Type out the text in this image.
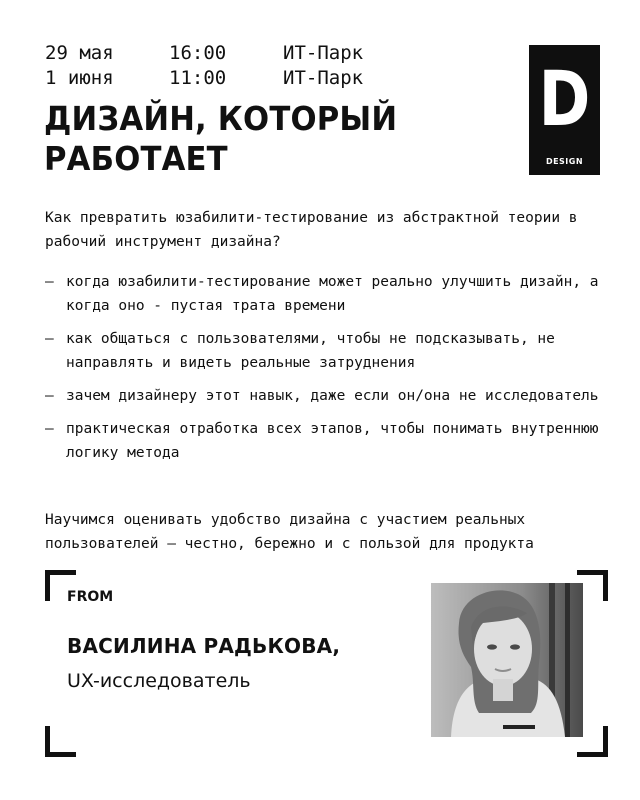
29 мая	16:00	ИТ-Парк
1 июня	11:00	ИТ-Парк D
DESIGN
ДИЗАЙН, КОТОРЫЙ
РАБОТАЕТ
Как превратить юзабилити-тестирование из абстрактной теории в рабочий инструмент дизайна?
– когда юзабилити-тестирование может реально улучшить дизайн, а когда оно - пустая трата времени
– как общаться с пользователями, чтобы не подсказывать, не направлять и видеть реальные затруднения
– зачем дизайнеру этот навык, даже если он/она не исследователь
– практическая отработка всех этапов, чтобы понимать внутреннюю логику метода
Научимся оценивать удобство дизайна с участием реальных пользователей – честно, бережно и с пользой для продукта
FROM
ВАСИЛИНА РАДЬКОВА,
UX-исследователь
